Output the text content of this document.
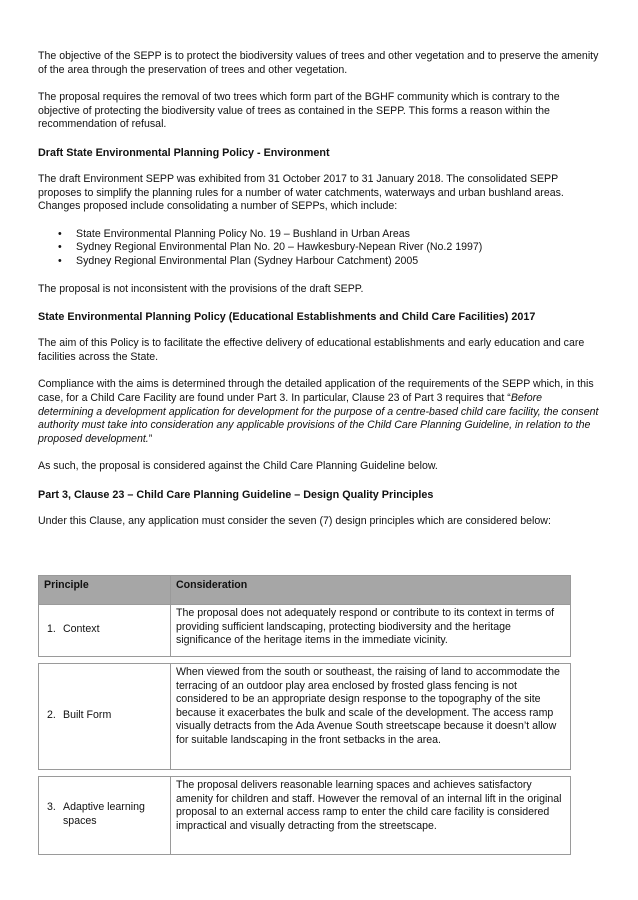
The objective of the SEPP is to protect the biodiversity values of trees and other vegetation and to preserve the amenity of the area through the preservation of trees and other vegetation.

The proposal requires the removal of two trees which form part of the BGHF community which is contrary to the objective of protecting the biodiversity value of trees as contained in the SEPP. This forms a reason within the recommendation of refusal.

Draft State Environmental Planning Policy - Environment

The draft Environment SEPP was exhibited from 31 October 2017 to 31 January 2018. The consolidated SEPP proposes to simplify the planning rules for a number of water catchments, waterways and urban bushland areas. Changes proposed include consolidating a number of SEPPs, which include:

• State Environmental Planning Policy No. 19 – Bushland in Urban Areas
• Sydney Regional Environmental Plan No. 20 – Hawkesbury-Nepean River (No.2 1997)
• Sydney Regional Environmental Plan (Sydney Harbour Catchment) 2005

The proposal is not inconsistent with the provisions of the draft SEPP.

State Environmental Planning Policy (Educational Establishments and Child Care Facilities) 2017

The aim of this Policy is to facilitate the effective delivery of educational establishments and early education and care facilities across the State.

Compliance with the aims is determined through the detailed application of the requirements of the SEPP which, in this case, for a Child Care Facility are found under Part 3. In particular, Clause 23 of Part 3 requires that “Before determining a development application for development for the purpose of a centre-based child care facility, the consent authority must take into consideration any applicable provisions of the Child Care Planning Guideline, in relation to the proposed development.”

As such, the proposal is considered against the Child Care Planning Guideline below.

Part 3, Clause 23 – Child Care Planning Guideline – Design Quality Principles

Under this Clause, any application must consider the seven (7) design principles which are considered below:

Principle	Consideration
1. Context	The proposal does not adequately respond or contribute to its context in terms of providing sufficient landscaping, protecting biodiversity and the heritage significance of the heritage items in the immediate vicinity.

2. Built Form	When viewed from the south or southeast, the raising of land to accommodate the terracing of an outdoor play area enclosed by frosted glass fencing is not considered to be an appropriate design response to the topography of the site because it exacerbates the bulk and scale of the development. The access ramp visually detracts from the Ada Avenue South streetscape because it doesn’t allow for suitable landscaping in the front setbacks in the area.

3. Adaptive learning spaces	The proposal delivers reasonable learning spaces and achieves satisfactory amenity for children and staff. However the removal of an internal lift in the original proposal to an external access ramp to enter the child care facility is considered impractical and visually detracting from the streetscape.
